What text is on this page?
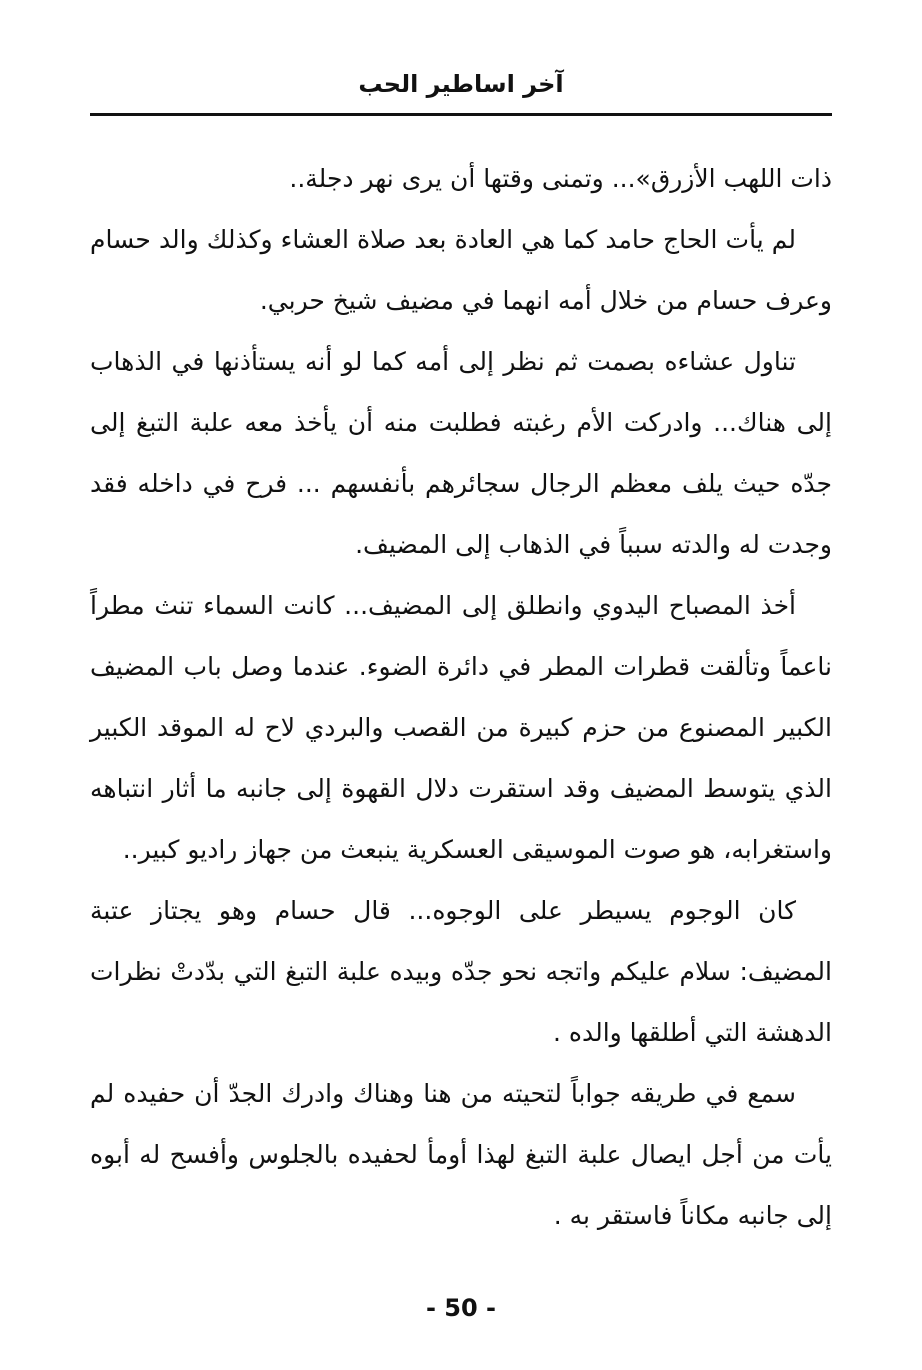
آخر اساطير الحب

ذات اللهب الأزرق»... وتمنى وقتها أن يرى نهر دجلة..

لم يأت الحاج حامد كما هي العادة بعد صلاة العشاء وكذلك والد حسام وعرف حسام من خلال أمه انهما في مضيف شيخ حربي.

تناول عشاءه بصمت ثم نظر إلى أمه كما لو أنه يستأذنها في الذهاب إلى هناك... وادركت الأم رغبته فطلبت منه أن يأخذ معه علبة التبغ إلى جدّه حيث يلف معظم الرجال سجائرهم بأنفسهم ... فرح في داخله فقد وجدت له والدته سبباً في الذهاب إلى المضيف.

أخذ المصباح اليدوي وانطلق إلى المضيف... كانت السماء تنث مطراً ناعماً وتألقت قطرات المطر في دائرة الضوء. عندما وصل باب المضيف الكبير المصنوع من حزم كبيرة من القصب والبردي لاح له الموقد الكبير الذي يتوسط المضيف وقد استقرت دلال القهوة إلى جانبه ما أثار انتباهه واستغرابه، هو صوت الموسيقى العسكرية ينبعث من جهاز راديو كبير..

كان الوجوم يسيطر على الوجوه... قال حسام وهو يجتاز عتبة المضيف: سلام عليكم واتجه نحو جدّه وبيده علبة التبغ التي بدّدتْ نظرات الدهشة التي أطلقها والده .

سمع في طريقه جواباً لتحيته من هنا وهناك وادرك الجدّ أن حفيده لم يأت من أجل ايصال علبة التبغ لهذا أومأ لحفيده بالجلوس وأفسح له أبوه إلى جانبه مكاناً فاستقر به .

- 50 -
